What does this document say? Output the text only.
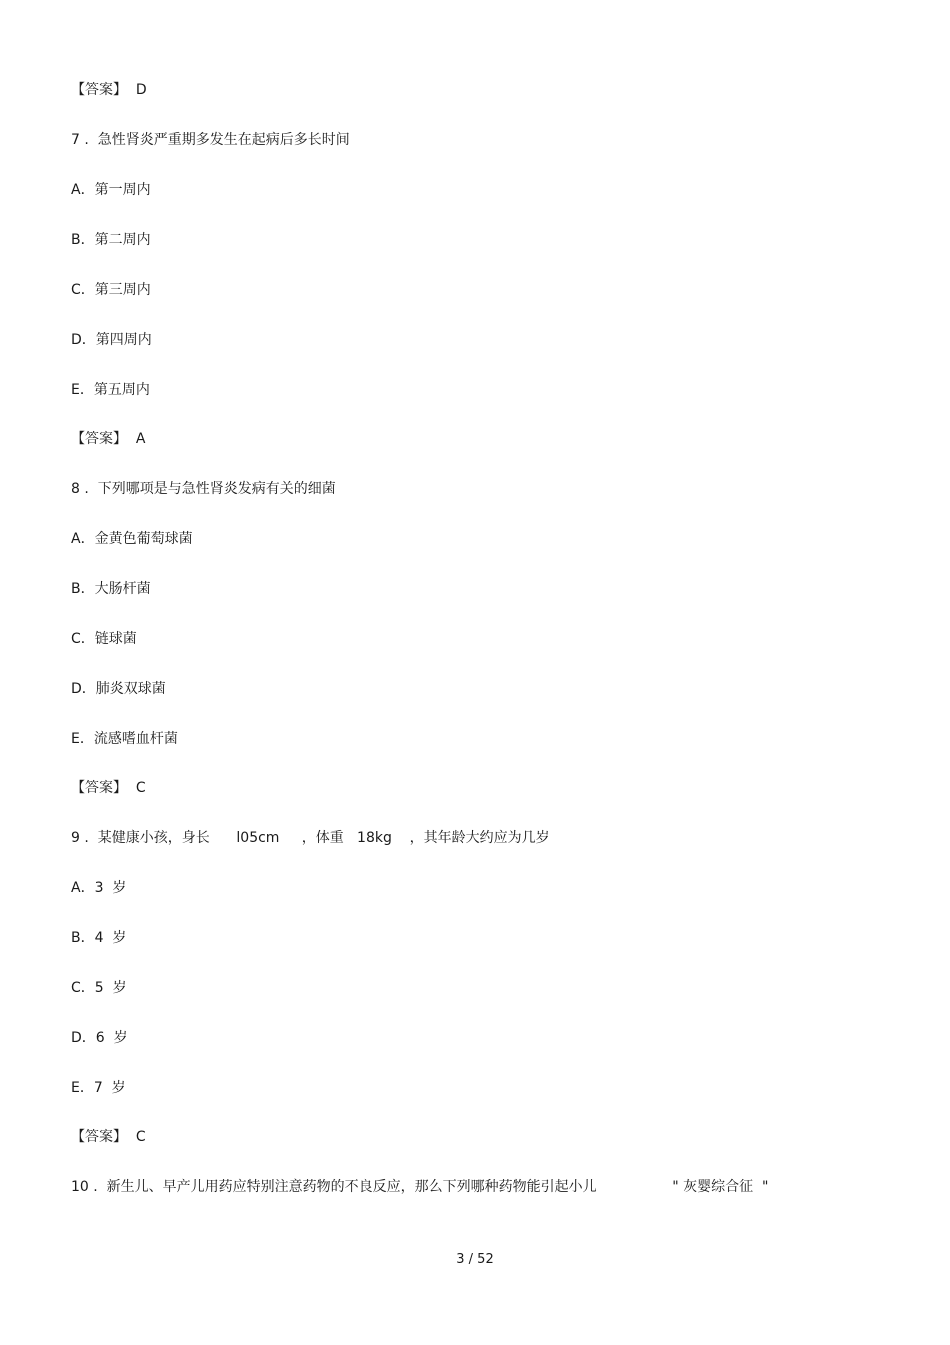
【答案】  D
7 .  急性肾炎严重期多发生在起病后多长时间
A．第一周内
B．第二周内
C．第三周内
D．第四周内
E．第五周内
【答案】  A
8 .  下列哪项是与急性肾炎发病有关的细菌
A．金黄色葡萄球菌
B．大肠杆菌
C．链球菌
D．肺炎双球菌
E．流感嗜血杆菌
【答案】  C
9 .  某健康小孩，身长      l05cm     ，体重   18kg    ，其年龄大约应为几岁
A．3  岁
B．4  岁
C．5  岁
D．6  岁
E．7  岁
【答案】  C
10 .  新生儿、早产儿用药应特别注意药物的不良反应，那么下列哪种药物能引起小儿                 " 灰婴综合征  "
3 / 52
